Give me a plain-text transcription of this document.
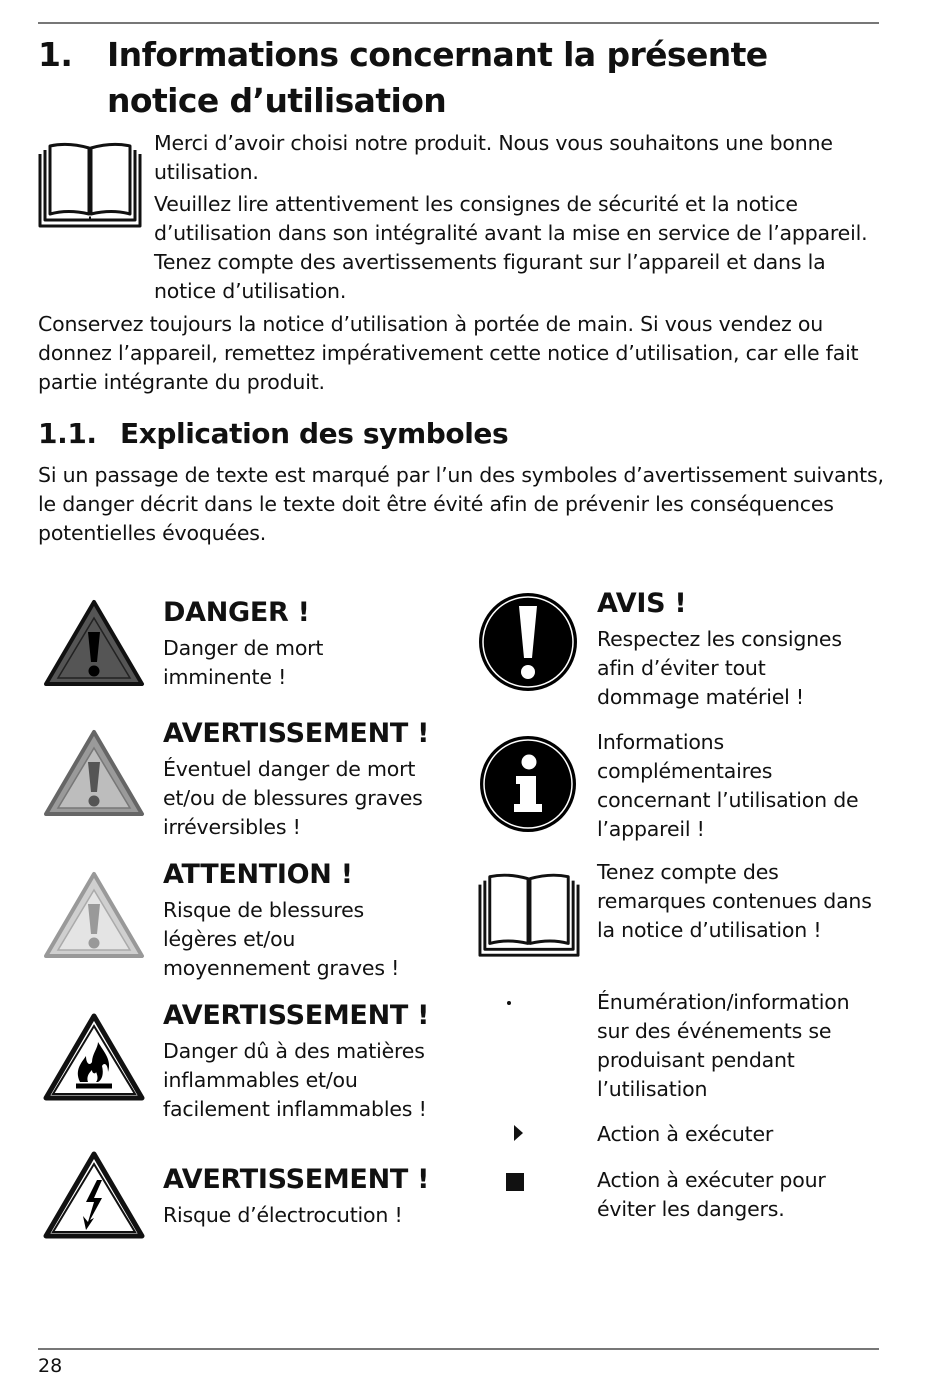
1. Informations concernant la présente notice d’utilisation
Merci d’avoir choisi notre produit. Nous vous souhaitons une bonne utilisation.
Veuillez lire attentivement les consignes de sécurité et la notice d’utilisation dans son intégralité avant la mise en service de l’appareil. Tenez compte des avertissements figurant sur l’appareil et dans la notice d’utilisation.
Conservez toujours la notice d’utilisation à portée de main. Si vous vendez ou donnez l’appareil, remettez impérativement cette notice d’utilisation, car elle fait partie intégrante du produit.
1.1. Explication des symboles
Si un passage de texte est marqué par l’un des symboles d’avertissement suivants, le danger décrit dans le texte doit être évité afin de prévenir les conséquences potentielles évoquées.
DANGER !
Danger de mort imminente !
AVERTISSEMENT !
Éventuel danger de mort et/ou de blessures graves irréversibles !
ATTENTION !
Risque de blessures légères et/ou moyennement graves !
AVERTISSEMENT !
Danger dû à des matières inflammables et/ou facilement inflammables !
AVERTISSEMENT !
Risque d’électrocution !
AVIS !
Respectez les consignes afin d’éviter tout dommage matériel !
Informations complémentaires concernant l’utilisation de l’appareil !
Tenez compte des remarques contenues dans la notice d’utilisation !
Énumération/information sur des événements se produisant pendant l’utilisation
Action à exécuter
Action à exécuter pour éviter les dangers.
28
